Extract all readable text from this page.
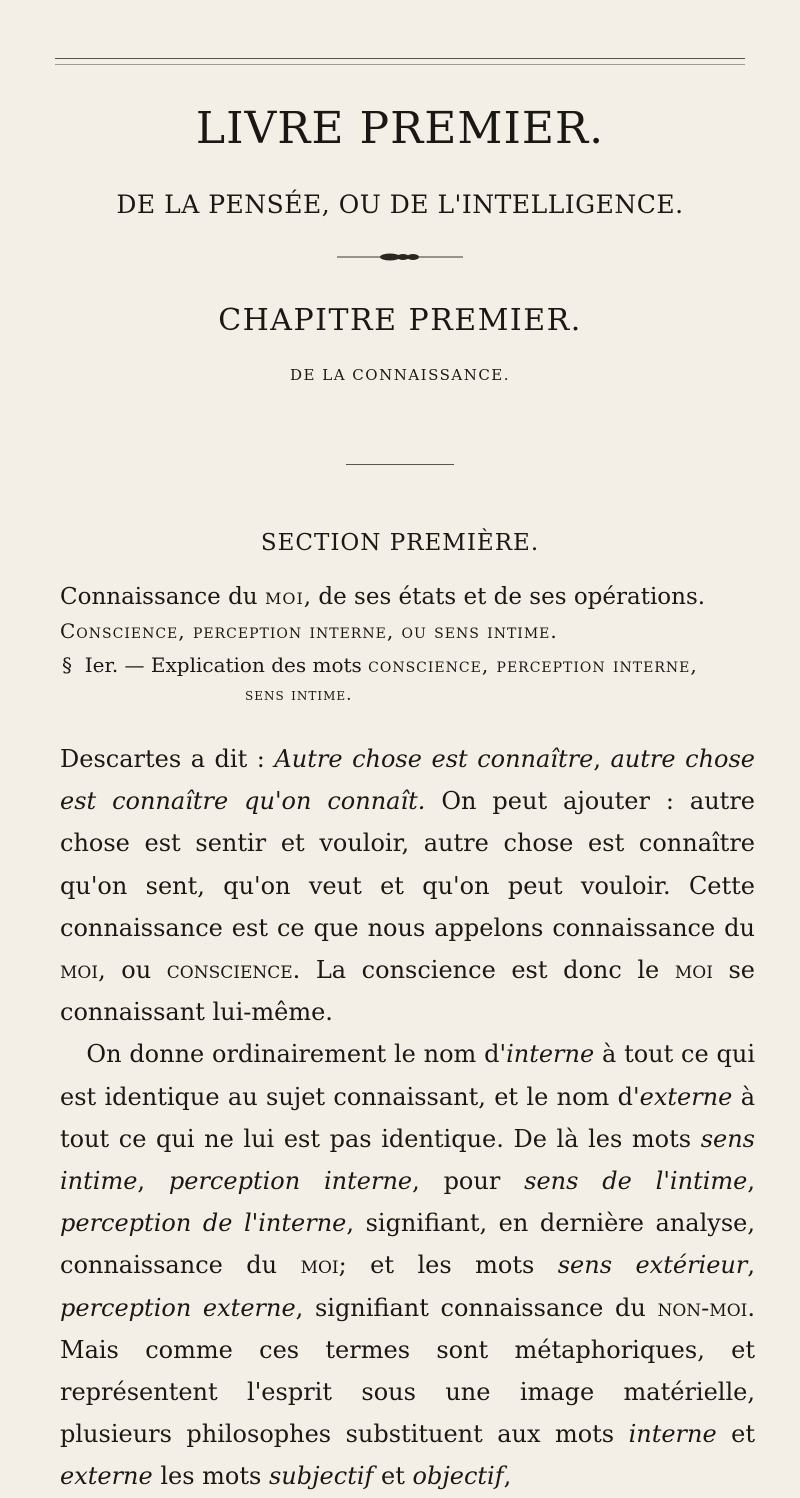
LIVRE PREMIER.
DE LA PENSÉE, OU DE L'INTELLIGENCE.
CHAPITRE PREMIER.
DE LA CONNAISSANCE.
SECTION PREMIÈRE.
Connaissance du moi, de ses états et de ses opérations.
Conscience, perception interne, ou sens intime.
§ Ier. — Explication des mots conscience, perception interne,
sens intime.

Descartes a dit : Autre chose est connaître, autre chose est connaître qu'on connaît. On peut ajouter : autre chose est sentir et vouloir, autre chose est connaître qu'on sent, qu'on veut et qu'on peut vouloir. Cette connaissance est ce que nous appelons connaissance du moi, ou conscience. La conscience est donc le moi se connaissant lui-même.

On donne ordinairement le nom d'interne à tout ce qui est identique au sujet connaissant, et le nom d'externe à tout ce qui ne lui est pas identique. De là les mots sens intime, perception interne, pour sens de l'intime, perception de l'interne, signifiant, en dernière analyse, connaissance du moi; et les mots sens extérieur, perception externe, signifiant connaissance du non-moi. Mais comme ces termes sont métaphoriques, et représentent l'esprit sous une image matérielle, plusieurs philosophes substituent aux mots interne et externe les mots subjectif et objectif,
